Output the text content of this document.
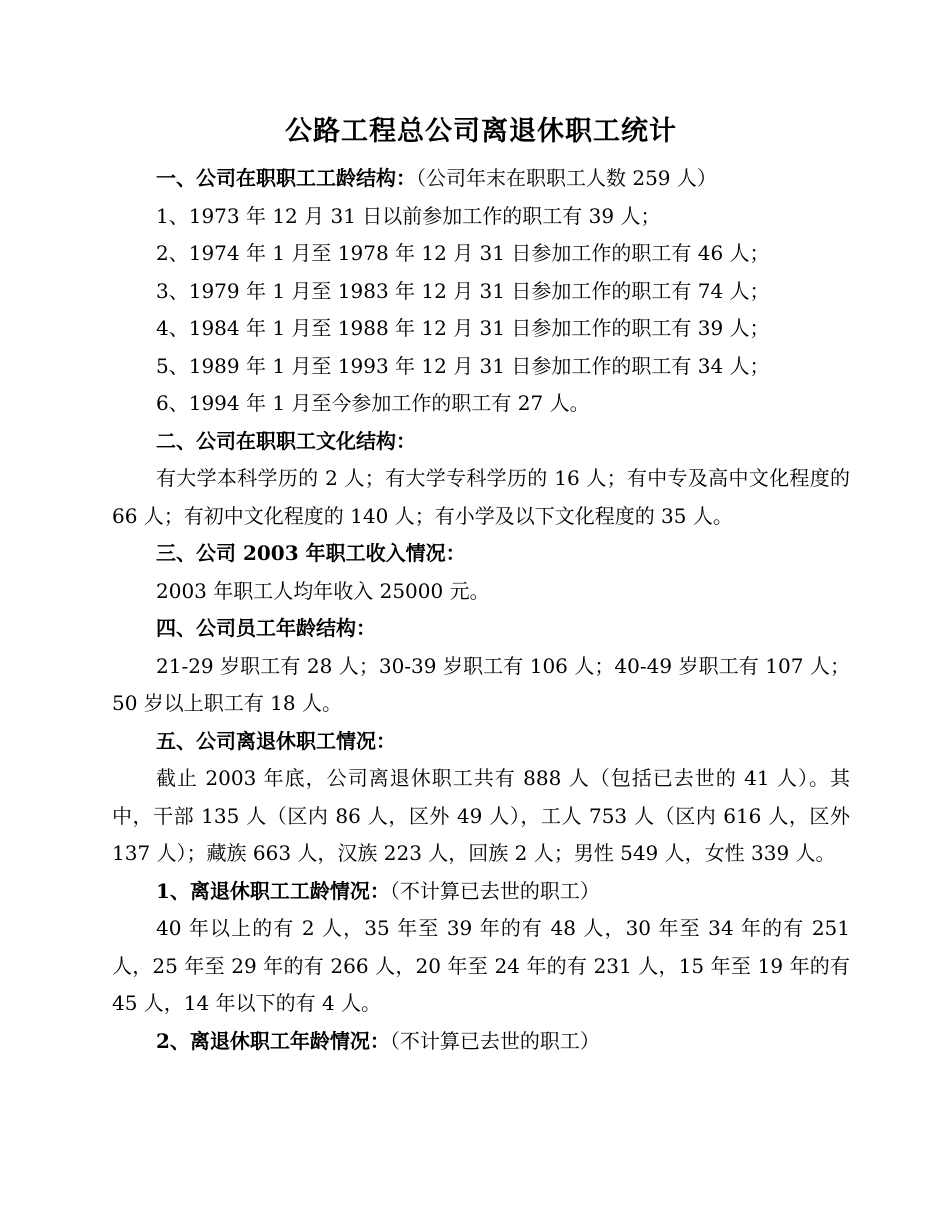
公路工程总公司离退休职工统计

一、公司在职职工工龄结构：（公司年末在职职工人数 259 人）

1、1973 年 12 月 31 日以前参加工作的职工有 39 人；

2、1974 年 1 月至 1978 年 12 月 31 日参加工作的职工有 46 人；

3、1979 年 1 月至 1983 年 12 月 31 日参加工作的职工有 74 人；

4、1984 年 1 月至 1988 年 12 月 31 日参加工作的职工有 39 人；

5、1989 年 1 月至 1993 年 12 月 31 日参加工作的职工有 34 人；

6、1994 年 1 月至今参加工作的职工有 27 人。

二、公司在职职工文化结构：

有大学本科学历的 2 人；有大学专科学历的 16 人；有中专及高中文化程度的 66 人；有初中文化程度的 140 人；有小学及以下文化程度的 35 人。

三、公司 2003 年职工收入情况：

2003 年职工人均年收入 25000 元。

四、公司员工年龄结构：

21-29 岁职工有 28 人；30-39 岁职工有 106 人；40-49 岁职工有 107 人；50 岁以上职工有 18 人。

五、公司离退休职工情况：

截止 2003 年底，公司离退休职工共有 888 人（包括已去世的 41 人）。其中，干部 135 人（区内 86 人，区外 49 人），工人 753 人（区内 616 人，区外 137 人）；藏族 663 人，汉族 223 人，回族 2 人；男性 549 人，女性 339 人。

1、离退休职工工龄情况：（不计算已去世的职工）

40 年以上的有 2 人，35 年至 39 年的有 48 人，30 年至 34 年的有 251 人，25 年至 29 年的有 266 人，20 年至 24 年的有 231 人，15 年至 19 年的有 45 人，14 年以下的有 4 人。

2、离退休职工年龄情况：（不计算已去世的职工）
